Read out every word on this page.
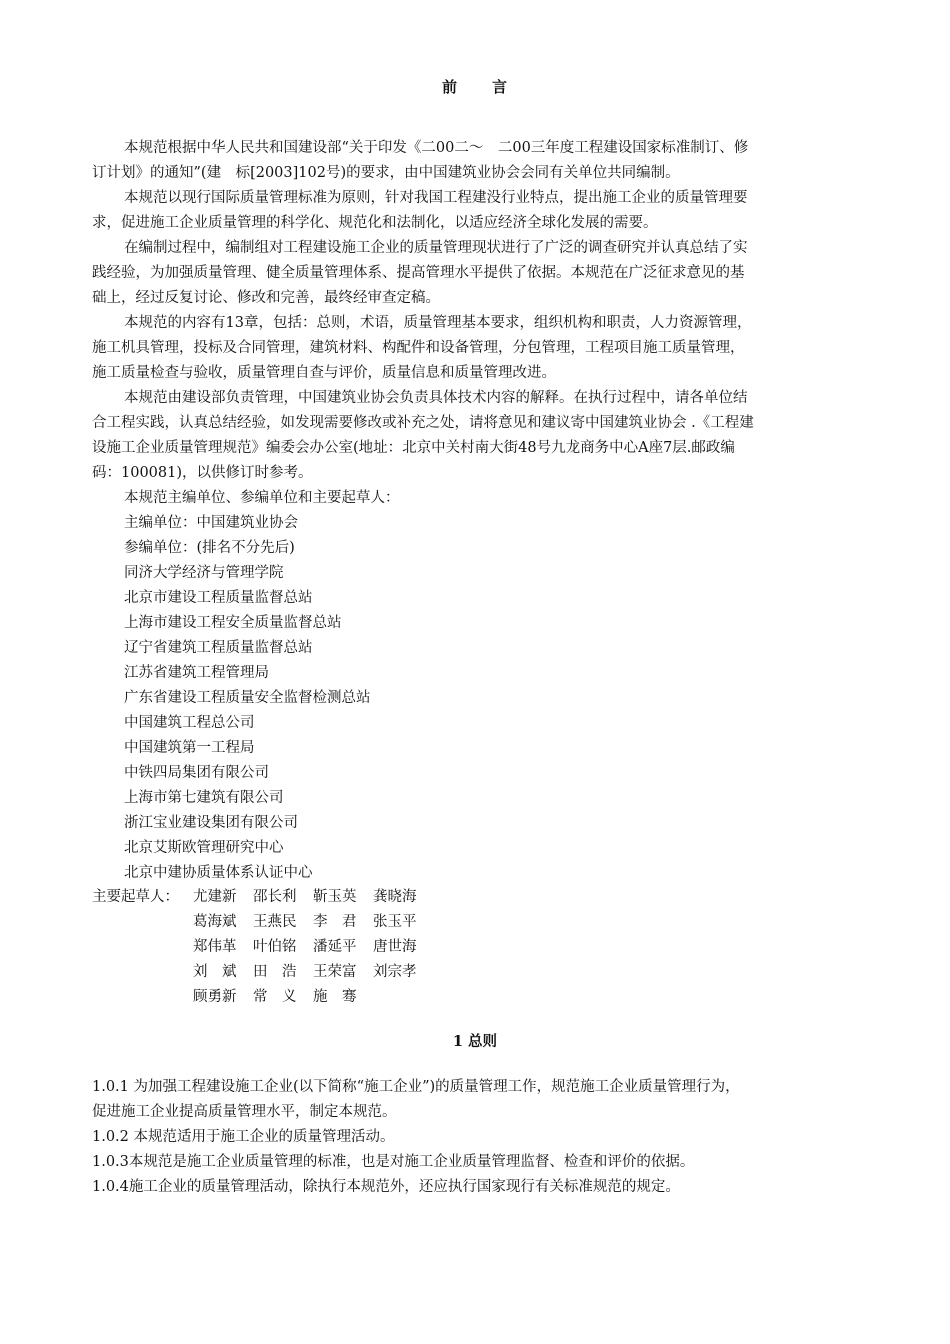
前 言
本规范根据中华人民共和国建设部“关于印发《二00二～　二00三年度工程建设国家标准制订、修
订计划》的通知”(建　标[2003]102号)的要求，由中国建筑业协会会同有关单位共同编制。
本规范以现行国际质量管理标准为原则，针对我国工程建没行业特点，提出施工企业的质量管理要
求，促进施工企业质量管理的科学化、规范化和法制化，以适应经济全球化发展的需要。
在编制过程中，编制组对工程建设施工企业的质量管理现状进行了广泛的调查研究并认真总结了实
践经验，为加强质量管理、健全质量管理体系、提高管理水平提供了依据。本规范在广泛征求意见的基
础上，经过反复讨论、修改和完善，最终经审查定稿。
本规范的内容有13章，包括：总则，术语，质量管理基本要求，组织机构和职责，人力资源管理，
施工机具管理，投标及合同管理，建筑材料、构配件和设备管理，分包管理，工程项目施工质量管理，
施工质量检查与验收，质量管理自查与评价，质量信息和质量管理改进。
本规范由建设部负责管理，中国建筑业协会负责具体技术内容的解释。在执行过程中，请各单位结
合工程实践，认真总结经验，如发现需要修改或补充之处，请将意见和建议寄中国建筑业协会 .《工程建
设施工企业质量管理规范》编委会办公室(地址：北京中关村南大街48号九龙商务中心A座7层.邮政编
码：100081)，以供修订时参考。
本规范主编单位、参编单位和主要起草人：
主编单位：中国建筑业协会
参编单位：(排名不分先后)
同济大学经济与管理学院
北京市建设工程质量监督总站
上海市建设工程安全质量监督总站
辽宁省建筑工程质量监督总站
江苏省建筑工程管理局
广东省建设工程质量安全监督检测总站
中国建筑工程总公司
中国建筑第一工程局
中铁四局集团有限公司
上海市第七建筑有限公司
浙江宝业建设集团有限公司
北京艾斯欧管理研究中心
北京中建协质量体系认证中心
主要起草人： 尤建新 邵长利 靳玉英 龚晓海
葛海斌 王燕民 李　君 张玉平
郑伟革 叶伯铭 潘延平 唐世海
刘　斌 田　浩 王荣富 刘宗孝
顾勇新 常　义 施　骞
1 总则
1.0.1 为加强工程建设施工企业(以下简称“施工企业”)的质量管理工作，规范施工企业质量管理行为，
促进施工企业提高质量管理水平，制定本规范。
1.0.2 本规范适用于施工企业的质量管理活动。
1.0.3本规范是施工企业质量管理的标准，也是对施工企业质量管理监督、检查和评价的依据。
1.0.4施工企业的质量管理活动，除执行本规范外，还应执行国家现行有关标准规范的规定。
